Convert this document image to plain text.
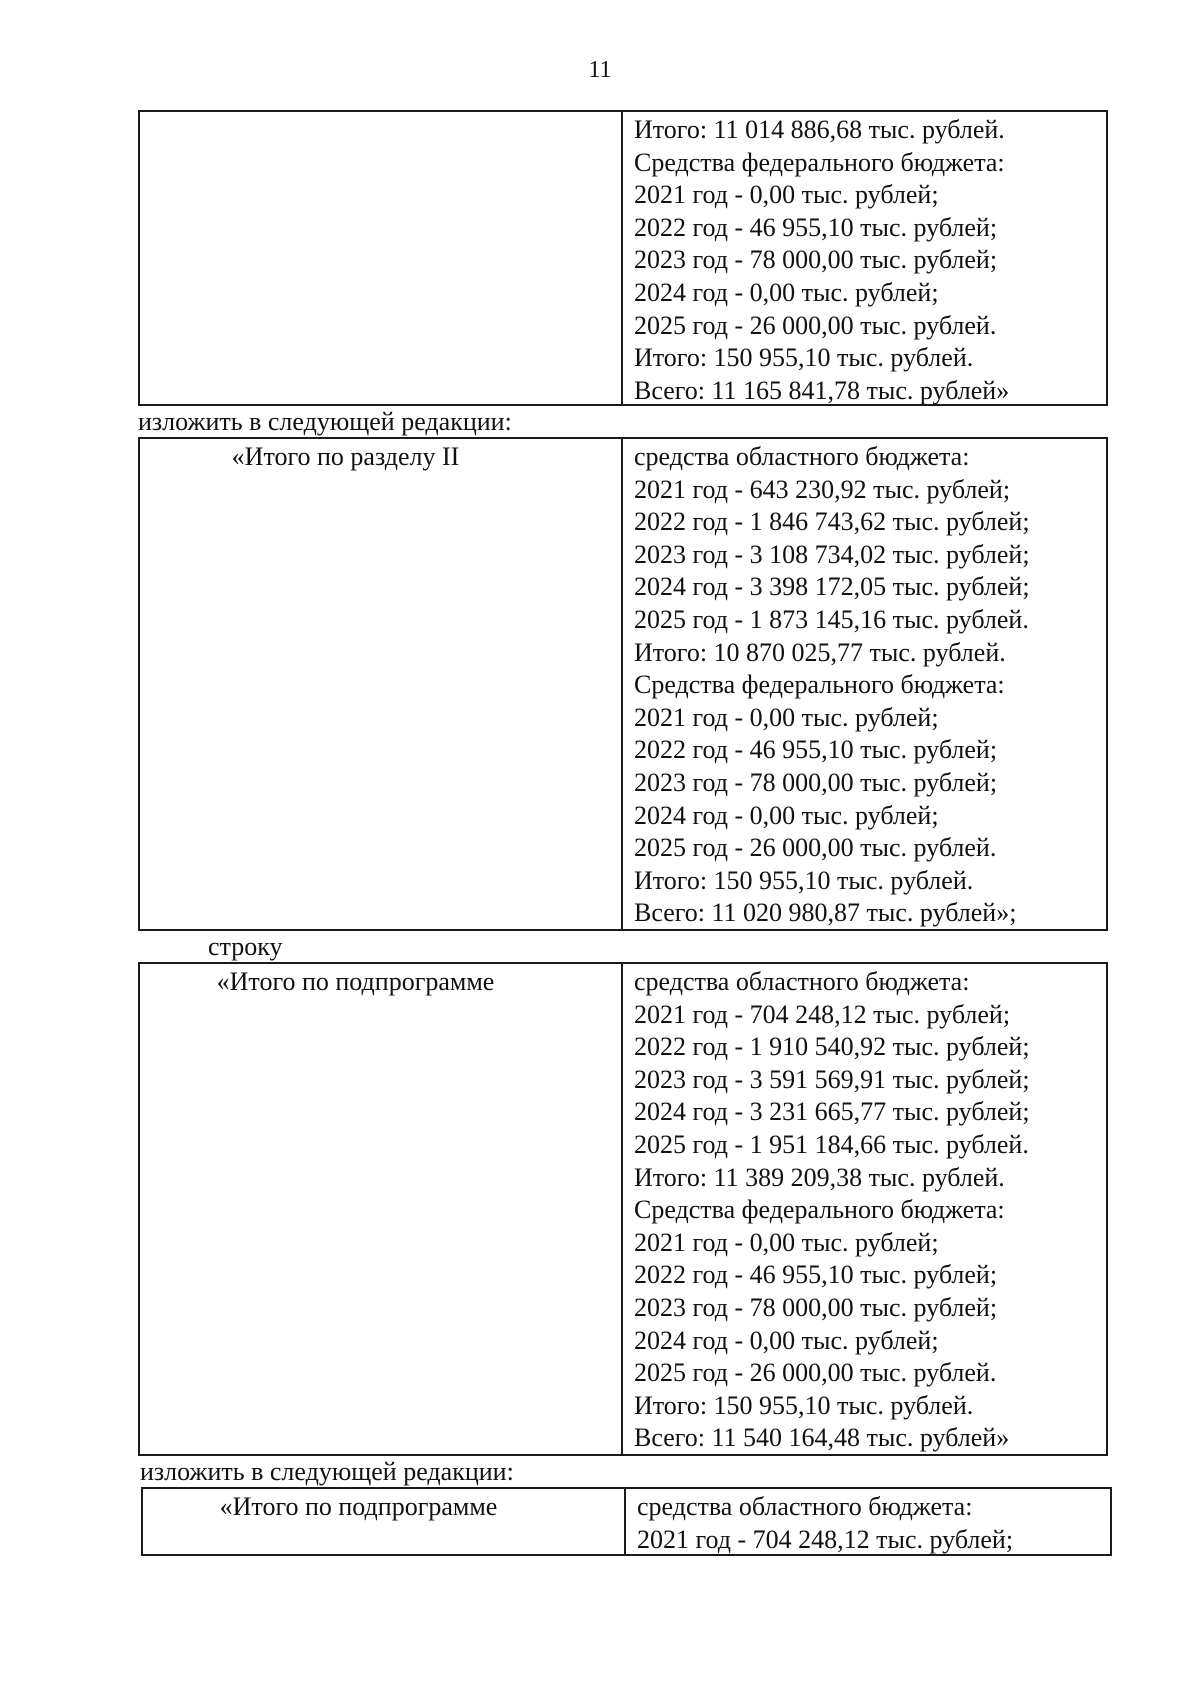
11
Итого: 11 014 886,68 тыс. рублей.
Средства федерального бюджета:
2021 год - 0,00 тыс. рублей;
2022 год - 46 955,10 тыс. рублей;
2023 год - 78 000,00 тыс. рублей;
2024 год - 0,00 тыс. рублей;
2025 год - 26 000,00 тыс. рублей.
Итого: 150 955,10 тыс. рублей.
Всего: 11 165 841,78 тыс. рублей»
изложить в следующей редакции:
«Итого по разделу II	средства областного бюджета:
2021 год - 643 230,92 тыс. рублей;
2022 год - 1 846 743,62 тыс. рублей;
2023 год - 3 108 734,02 тыс. рублей;
2024 год - 3 398 172,05 тыс. рублей;
2025 год - 1 873 145,16 тыс. рублей.
Итого: 10 870 025,77 тыс. рублей.
Средства федерального бюджета:
2021 год - 0,00 тыс. рублей;
2022 год - 46 955,10 тыс. рублей;
2023 год - 78 000,00 тыс. рублей;
2024 год - 0,00 тыс. рублей;
2025 год - 26 000,00 тыс. рублей.
Итого: 150 955,10 тыс. рублей.
Всего: 11 020 980,87 тыс. рублей»;
строку
«Итого по подпрограмме	средства областного бюджета:
2021 год - 704 248,12 тыс. рублей;
2022 год - 1 910 540,92 тыс. рублей;
2023 год - 3 591 569,91 тыс. рублей;
2024 год - 3 231 665,77 тыс. рублей;
2025 год - 1 951 184,66 тыс. рублей.
Итого: 11 389 209,38 тыс. рублей.
Средства федерального бюджета:
2021 год - 0,00 тыс. рублей;
2022 год - 46 955,10 тыс. рублей;
2023 год - 78 000,00 тыс. рублей;
2024 год - 0,00 тыс. рублей;
2025 год - 26 000,00 тыс. рублей.
Итого: 150 955,10 тыс. рублей.
Всего: 11 540 164,48 тыс. рублей»
изложить в следующей редакции:
«Итого по подпрограмме	средства областного бюджета:
2021 год - 704 248,12 тыс. рублей;
